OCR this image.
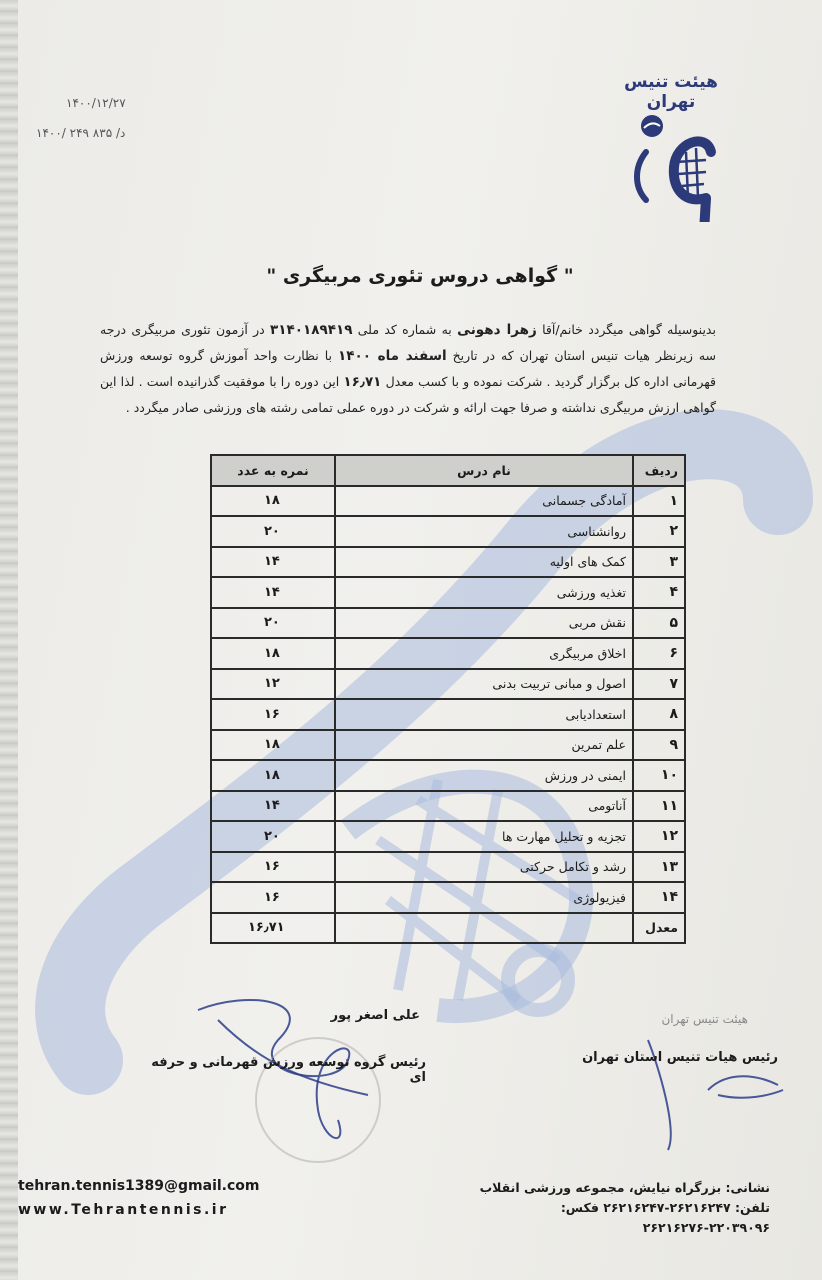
۱۴۰۰/۱۲/۲۷
۱۴۰۰/ ۲۴۹ د/ ۸۳۵
هیئت تنیس تهران
" گواهی دروس تئوری مربیگری "
بدینوسیله گواهی میگردد خانم/آقا زهرا دهونی به شماره کد ملی ۳۱۴۰۱۸۹۴۱۹ در آزمون تئوری مربیگری درجه سه زیرنظر هیات تنیس استان تهران که در تاریخ اسفند ماه ۱۴۰۰ با نظارت واحد آموزش گروه توسعه ورزش قهرمانی اداره کل برگزار گردید . شرکت نموده و با کسب معدل ۱۶٫۷۱ این دوره را با موفقیت گذرانیده است . لذا این گواهی ارزش مربیگری نداشته و صرفا جهت ارائه و شرکت در دوره عملی تمامی رشته های ورزشی صادر میگردد .
ردیف	نام درس	نمره به عدد
۱	آمادگی جسمانی	۱۸
۲	روانشناسی	۲۰
۳	کمک های اولیه	۱۴
۴	تغذیه ورزشی	۱۴
۵	نقش مربی	۲۰
۶	اخلاق مربیگری	۱۸
۷	اصول و مبانی تربیت بدنی	۱۲
۸	استعدادیابی	۱۶
۹	علم تمرین	۱۸
۱۰	ایمنی در ورزش	۱۸
۱۱	آناتومی	۱۴
۱۲	تجزیه و تحلیل مهارت ها	۲۰
۱۳	رشد و تکامل حرکتی	۱۶
۱۴	فیزیولوژی	۱۶
معدل		۱۶٫۷۱
علی اصغر پور
رئیس گروه توسعه ورزش قهرمانی و حرفه ای
هیئت تنیس تهران
رئیس هیات تنیس استان تهران
tehran.tennis1389@gmail.com
www.Tehrantennis.ir
نشانی: بزرگراه نیایش، مجموعه ورزشی انقلاب
تلفن: ۲۶۲۱۶۲۴۷-۲۶۲۱۶۲۴۷ فکس: ۲۲۰۳۹۰۹۶-۲۶۲۱۶۲۷۶
